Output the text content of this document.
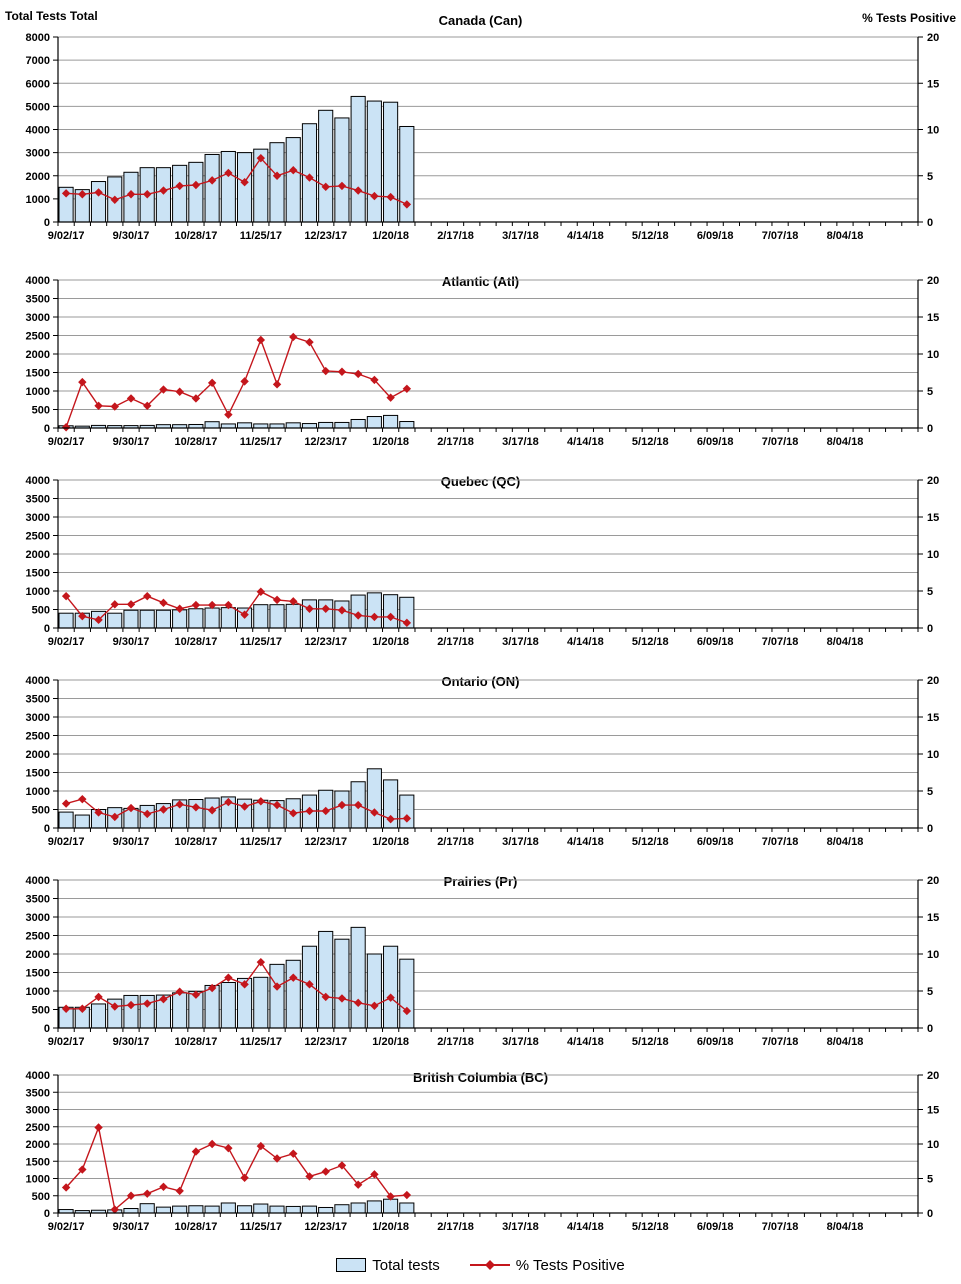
Total Tests Total	% Tests Positive
Canada (Can)
Atlantic (Atl)
Quebec (QC)
Ontario (ON)
Prairies (Pr)
British Columbia (BC)
0
1000
2000
3000
4000
5000
6000
7000
8000
0
5
10
15
20
9/02/17	9/30/17 10/28/17 11/25/17 12/23/17 1/20/18	2/17/18	3/17/18	4/14/18	5/12/18	6/09/18	7/07/18	8/04/18
0
500
1000
1500
2000
2500
3000
3500
4000
0
5
10
15
20
9/02/17	9/30/17 10/28/17 11/25/17 12/23/17 1/20/18	2/17/18	3/17/18	4/14/18	5/12/18	6/09/18	7/07/18	8/04/18
0
500
1000
1500
2000
2500
3000
3500
4000
0
5
10
15
20
9/02/17	9/30/17 10/28/17 11/25/17 12/23/17 1/20/18	2/17/18	3/17/18	4/14/18	5/12/18	6/09/18	7/07/18	8/04/18
0
500
1000
1500
2000
2500
3000
3500
4000
0
5
10
15
20
9/02/17	9/30/17 10/28/17 11/25/17 12/23/17 1/20/18	2/17/18	3/17/18	4/14/18	5/12/18	6/09/18	7/07/18	8/04/18
0
500
1000
1500
2000
2500
3000
3500
4000
0
5
10
15
20
9/02/17	9/30/17 10/28/17 11/25/17 12/23/17 1/20/18	2/17/18	3/17/18	4/14/18	5/12/18	6/09/18	7/07/18	8/04/18
0
500
1000
1500
2000
2500
3000
3500
4000
0
5
10
15
20
9/02/17	9/30/17 10/28/17 11/25/17 12/23/17 1/20/18	2/17/18	3/17/18	4/14/18	5/12/18	6/09/18	7/07/18	8/04/18
Total tests	% Tests Positive
